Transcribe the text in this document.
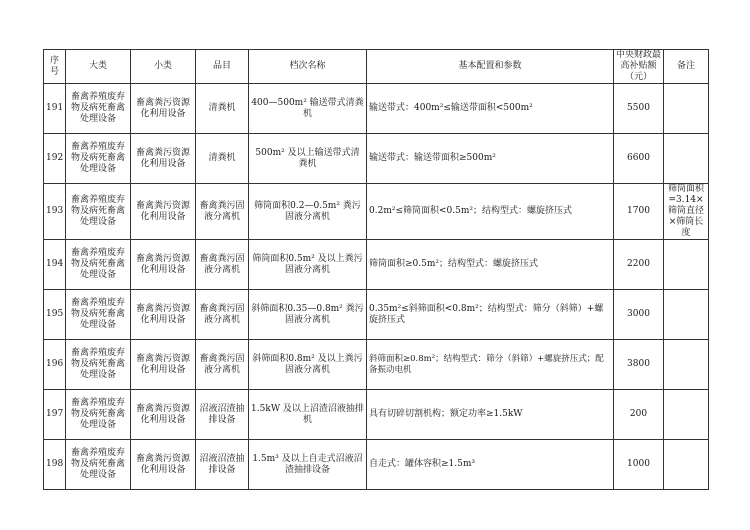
序号	大类	小类	品目	档次名称	基本配置和参数	中央财政最高补贴额（元）	备注
191	畜禽养殖废弃物及病死畜禽处理设备	畜禽粪污资源化利用设备	清粪机	400—500m² 输送带式清粪机	输送带式：400m²≤输送带面积<500m²	5500	
192	畜禽养殖废弃物及病死畜禽处理设备	畜禽粪污资源化利用设备	清粪机	500m² 及以上输送带式清粪机	输送带式：输送带面积≥500m²	6600	
193	畜禽养殖废弃物及病死畜禽处理设备	畜禽粪污资源化利用设备	畜禽粪污固液分离机	筛筒面积0.2—0.5m² 粪污固液分离机	0.2m²≤筛筒面积<0.5m²；结构型式：螺旋挤压式	1700	筛筒面积=3.14×筛筒直径×筛筒长度
194	畜禽养殖废弃物及病死畜禽处理设备	畜禽粪污资源化利用设备	畜禽粪污固液分离机	筛筒面积0.5m² 及以上粪污固液分离机	筛筒面积≥0.5m²；结构型式：螺旋挤压式	2200	
195	畜禽养殖废弃物及病死畜禽处理设备	畜禽粪污资源化利用设备	畜禽粪污固液分离机	斜筛面积0.35—0.8m² 粪污固液分离机	0.35m²≤斜筛面积<0.8m²；结构型式：筛分（斜筛）+螺旋挤压式	3000	
196	畜禽养殖废弃物及病死畜禽处理设备	畜禽粪污资源化利用设备	畜禽粪污固液分离机	斜筛面积0.8m² 及以上粪污固液分离机	斜筛面积≥0.8m²；结构型式：筛分（斜筛）+螺旋挤压式；配备振动电机	3800	
197	畜禽养殖废弃物及病死畜禽处理设备	畜禽粪污资源化利用设备	沼液沼渣抽排设备	1.5kW 及以上沼渣沼液抽排机	具有切碎切割机构；额定功率≥1.5kW	200	
198	畜禽养殖废弃物及病死畜禽处理设备	畜禽粪污资源化利用设备	沼液沼渣抽排设备	1.5m³ 及以上自走式沼液沼渣抽排设备	自走式：罐体容积≥1.5m³	1000	
